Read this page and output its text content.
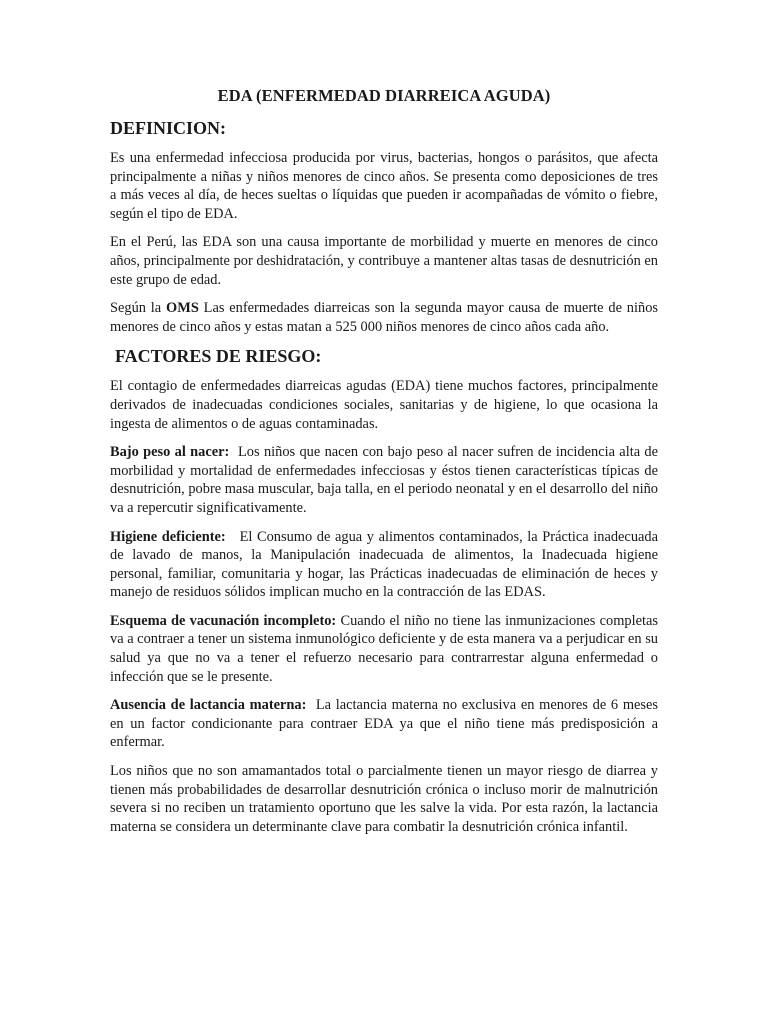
EDA (ENFERMEDAD DIARREICA AGUDA)
DEFINICION:

Es una enfermedad infecciosa producida por virus, bacterias, hongos o parásitos, que afecta principalmente a niñas y niños menores de cinco años. Se presenta como deposiciones de tres a más veces al día, de heces sueltas o líquidas que pueden ir acompañadas de vómito o fiebre, según el tipo de EDA.

En el Perú, las EDA son una causa importante de morbilidad y muerte en menores de cinco años, principalmente por deshidratación, y contribuye a mantener altas tasas de desnutrición en este grupo de edad.

Según la OMS Las enfermedades diarreicas son la segunda mayor causa de muerte de niños menores de cinco años y estas matan a 525 000 niños menores de cinco años cada año.

FACTORES DE RIESGO:

El contagio de enfermedades diarreicas agudas (EDA) tiene muchos factores, principalmente derivados de inadecuadas condiciones sociales, sanitarias y de higiene, lo que ocasiona la ingesta de alimentos o de aguas contaminadas.

Bajo peso al nacer: Los niños que nacen con bajo peso al nacer sufren de incidencia alta de morbilidad y mortalidad de enfermedades infecciosas y éstos tienen características típicas de desnutrición, pobre masa muscular, baja talla, en el periodo neonatal y en el desarrollo del niño va a repercutir significativamente.

Higiene deficiente: El Consumo de agua y alimentos contaminados, la Práctica inadecuada de lavado de manos, la Manipulación inadecuada de alimentos, la Inadecuada higiene personal, familiar, comunitaria y hogar, las Prácticas inadecuadas de eliminación de heces y manejo de residuos sólidos implican mucho en la contracción de las EDAS.

Esquema de vacunación incompleto: Cuando el niño no tiene las inmunizaciones completas va a contraer a tener un sistema inmunológico deficiente y de esta manera va a perjudicar en su salud ya que no va a tener el refuerzo necesario para contrarrestar alguna enfermedad o infección que se le presente.

Ausencia de lactancia materna: La lactancia materna no exclusiva en menores de 6 meses en un factor condicionante para contraer EDA ya que el niño tiene más predisposición a enfermar.

Los niños que no son amamantados total o parcialmente tienen un mayor riesgo de diarrea y tienen más probabilidades de desarrollar desnutrición crónica o incluso morir de malnutrición severa si no reciben un tratamiento oportuno que les salve la vida. Por esta razón, la lactancia materna se considera un determinante clave para combatir la desnutrición crónica infantil.
